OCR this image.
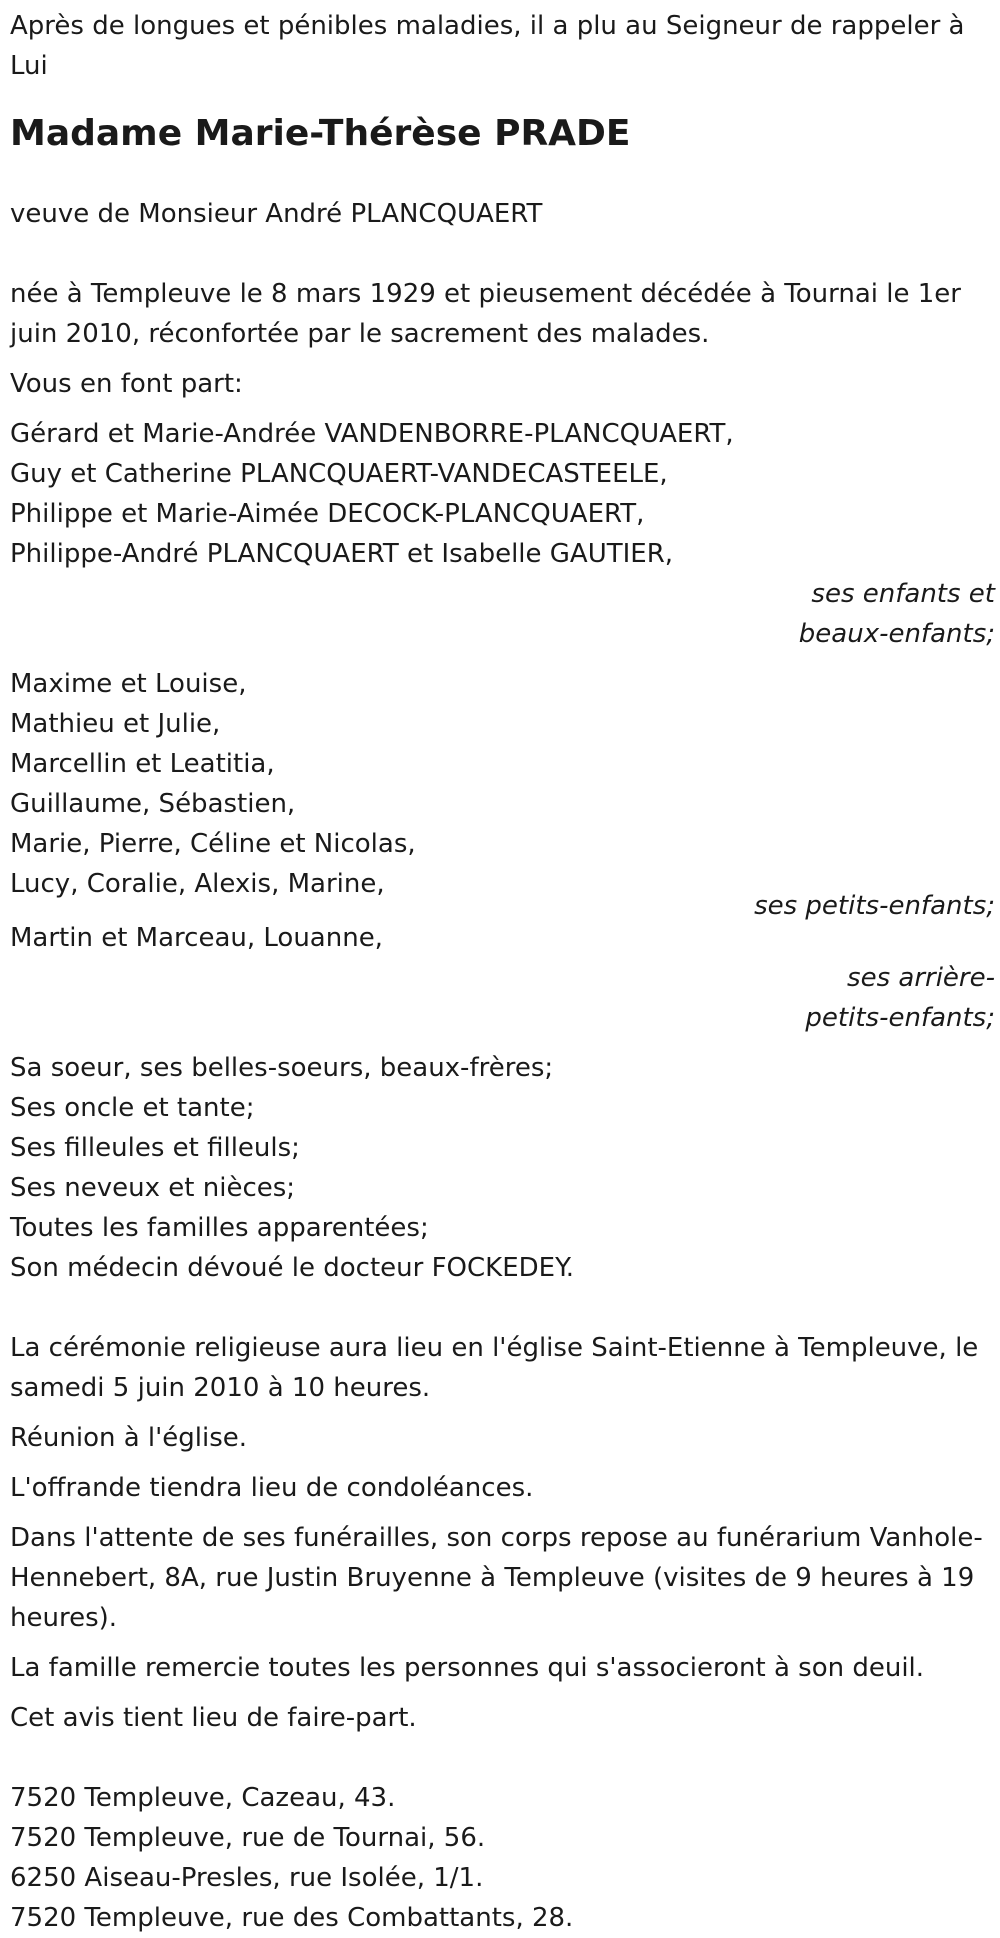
Après de longues et pénibles maladies, il a plu au Seigneur de rappeler à Lui

Madame Marie-Thérèse PRADE

veuve de Monsieur André PLANCQUAERT

née à Templeuve le 8 mars 1929 et pieusement décédée à Tournai le 1er juin 2010, réconfortée par le sacrement des malades.

Vous en font part:

Gérard et Marie-Andrée VANDENBORRE-PLANCQUAERT,
Guy et Catherine PLANCQUAERT-VANDECASTEELE,
Philippe et Marie-Aimée DECOCK-PLANCQUAERT,
Philippe-André PLANCQUAERT et Isabelle GAUTIER,

ses enfants et beaux-enfants;

Maxime et Louise,
Mathieu et Julie,
Marcellin et Leatitia,
Guillaume, Sébastien,
Marie, Pierre, Céline et Nicolas,
Lucy, Coralie, Alexis, Marine,

ses petits-enfants;

Martin et Marceau, Louanne,

ses arrière-petits-enfants;

Sa soeur, ses belles-soeurs, beaux-frères;
Ses oncle et tante;
Ses filleules et filleuls;
Ses neveux et nièces;
Toutes les familles apparentées;
Son médecin dévoué le docteur FOCKEDEY.

La cérémonie religieuse aura lieu en l'église Saint-Etienne à Templeuve, le samedi 5 juin 2010 à 10 heures.

Réunion à l'église.

L'offrande tiendra lieu de condoléances.

Dans l'attente de ses funérailles, son corps repose au funérarium Vanhole-Hennebert, 8A, rue Justin Bruyenne à Templeuve (visites de 9 heures à 19 heures).

La famille remercie toutes les personnes qui s'associeront à son deuil.

Cet avis tient lieu de faire-part.

7520 Templeuve, Cazeau, 43.
7520 Templeuve, rue de Tournai, 56.
6250 Aiseau-Presles, rue Isolée, 1/1.
7520 Templeuve, rue des Combattants, 28.
